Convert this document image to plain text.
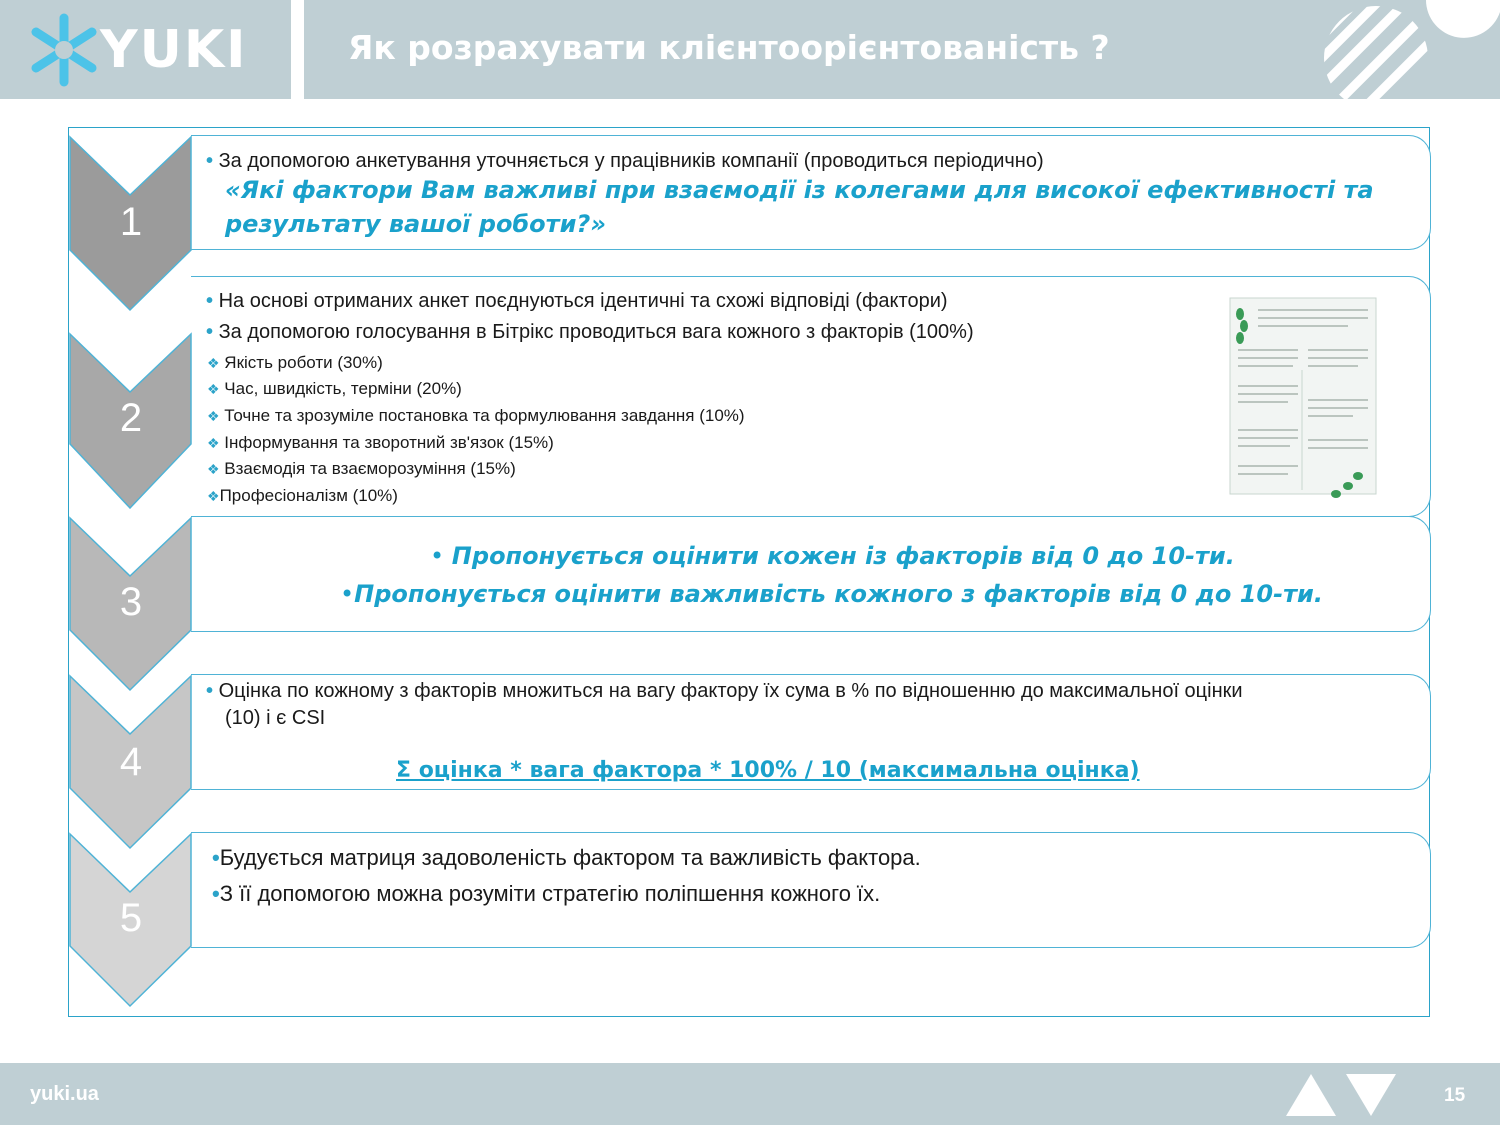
YUKI	Як розрахувати клієнтоорієнтованість ?
1
2
3
4
5
• За допомогою анкетування уточняється у працівників компанії (проводиться періодично)
«Які фактори Вам важливі при взаємодії із колегами для високої ефективності та
результату вашої роботи?»
• На основі отриманих анкет поєднуються ідентичні та схожі відповіді (фактори)
• За допомогою голосування в Бітрікс проводиться вага кожного з факторів (100%)
❖ Якість роботи (30%)
❖ Час, швидкість, терміни (20%)
❖ Точне та зрозуміле постановка та формулювання завдання (10%)
❖ Інформування та зворотний зв'язок (15%)
❖ Взаємодія та взаєморозуміння (15%)
❖Професіоналізм (10%)
• Пропонується оцінити кожен із факторів від 0 до 10-ти.
•Пропонується оцінити важливість кожного з факторів від 0 до 10-ти.
• Оцінка по кожному з факторів множиться на вагу фактору їх сума в % по відношенню до максимальної оцінки
(10) і є CSI
Σ оцінка * вага фактора * 100% / 10 (максимальна оцінка)
•Будується матриця задоволеність фактором та важливість фактора.
•З її допомогою можна розуміти стратегію поліпшення кожного їх.
yuki.ua	15
